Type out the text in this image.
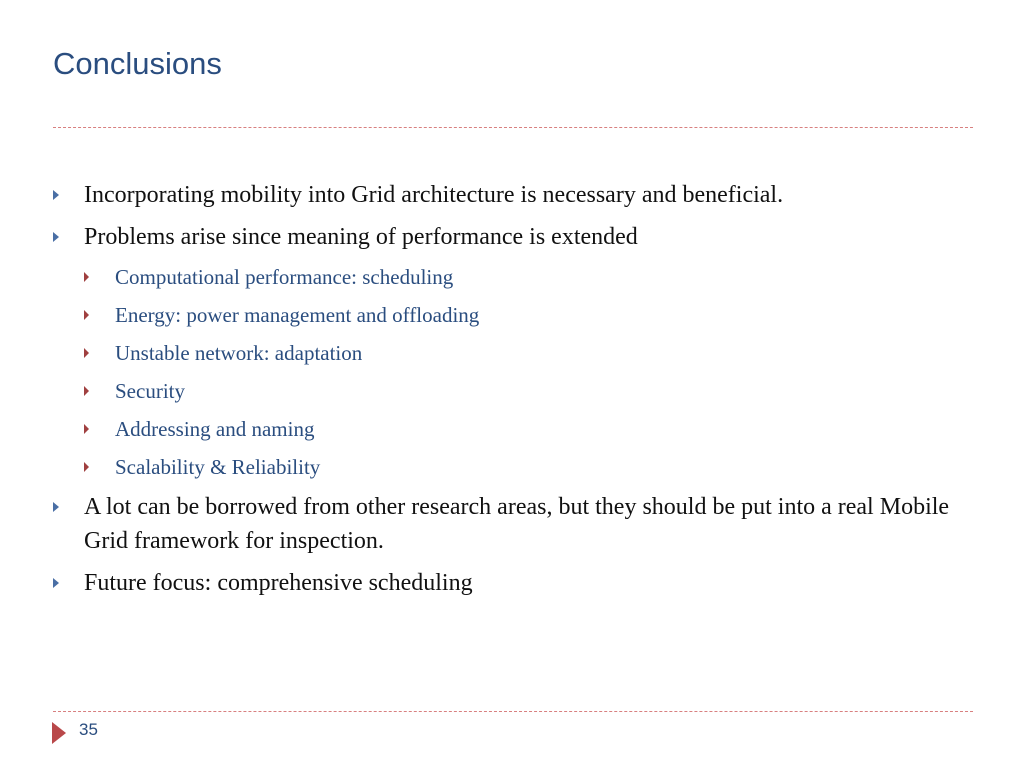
Conclusions
Incorporating mobility into Grid architecture is necessary and beneficial.
Problems arise since meaning of performance is extended
Computational performance: scheduling
Energy: power management and offloading
Unstable network: adaptation
Security
Addressing and naming
Scalability & Reliability
A lot can be borrowed from other research areas, but they should be put into a real Mobile Grid framework for inspection.
Future focus: comprehensive scheduling
35
